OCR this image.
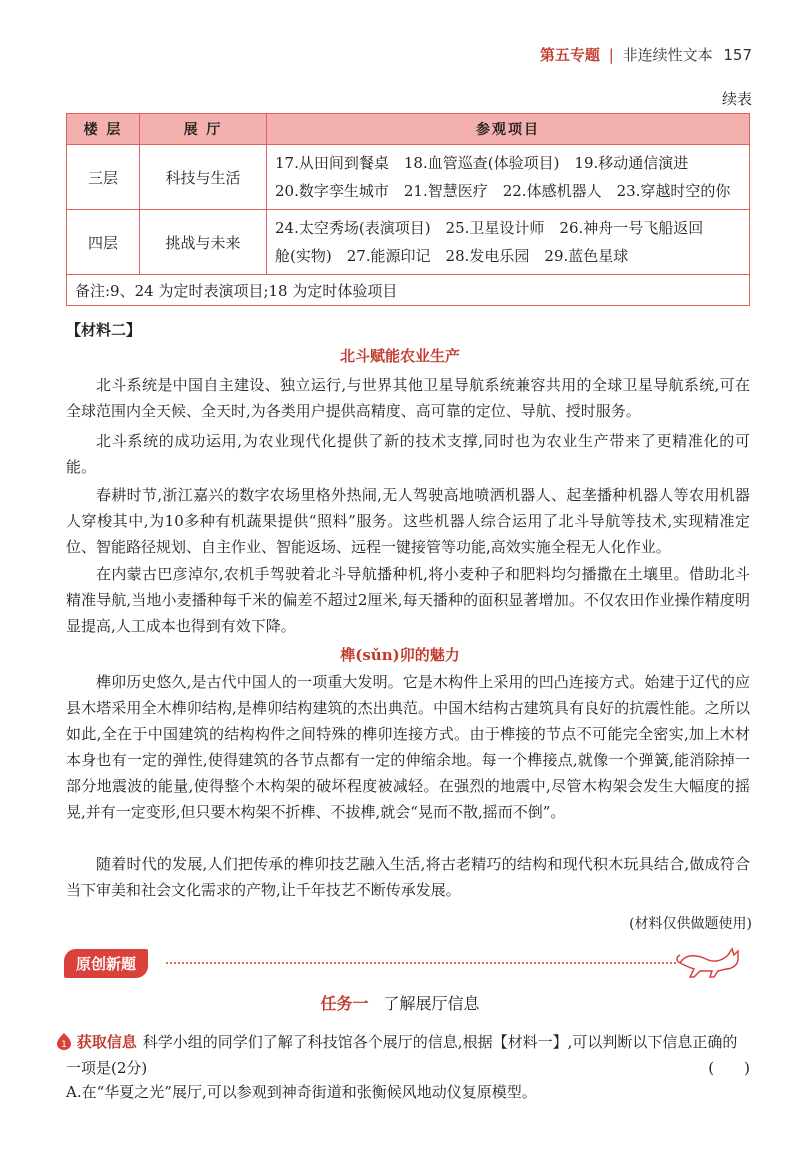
第五专题 | 非连续性文本 157
续表
楼 层	展 厅	参观项目
三层	科技与生活	17.从田间到餐桌　18.血管巡查(体验项目)　19.移动通信演进
20.数字孪生城市　21.智慧医疗　22.体感机器人　23.穿越时空的你

四层	挑战与未来	24.太空秀场(表演项目)　25.卫星设计师　26.神舟一号飞船返回
舱(实物)　27.能源印记　28.发电乐园　29.蓝色星球

备注:9、24 为定时表演项目;18 为定时体验项目		
【材料二】
北斗赋能农业生产

北斗系统是中国自主建设、独立运行,与世界其他卫星导航系统兼容共用的全球卫星导航系统,可在全球范围内全天候、全天时,为各类用户提供高精度、高可靠的定位、导航、授时服务。

北斗系统的成功运用,为农业现代化提供了新的技术支撑,同时也为农业生产带来了更精准化的可能。

春耕时节,浙江嘉兴的数字农场里格外热闹,无人驾驶高地喷洒机器人、起垄播种机器人等农用机器人穿梭其中,为10多种有机蔬果提供“照料”服务。这些机器人综合运用了北斗导航等技术,实现精准定位、智能路径规划、自主作业、智能返场、远程一键接管等功能,高效实施全程无人化作业。

在内蒙古巴彦淖尔,农机手驾驶着北斗导航播种机,将小麦种子和肥料均匀播撒在土壤里。借助北斗精准导航,当地小麦播种每千米的偏差不超过2厘米,每天播种的面积显著增加。不仅农田作业操作精度明显提高,人工成本也得到有效下降。

榫(sǔn)卯的魅力

榫卯历史悠久,是古代中国人的一项重大发明。它是木构件上采用的凹凸连接方式。始建于辽代的应县木塔采用全木榫卯结构,是榫卯结构建筑的杰出典范。中国木结构古建筑具有良好的抗震性能。之所以如此,全在于中国建筑的结构构件之间特殊的榫卯连接方式。由于榫接的节点不可能完全密实,加上木材本身也有一定的弹性,使得建筑的各节点都有一定的伸缩余地。每一个榫接点,就像一个弹簧,能消除掉一部分地震波的能量,使得整个木构架的破坏程度被减轻。在强烈的地震中,尽管木构架会发生大幅度的摇晃,并有一定变形,但只要木构架不折榫、不拔榫,就会“晃而不散,摇而不倒”。

随着时代的发展,人们把传承的榫卯技艺融入生活,将古老精巧的结构和现代积木玩具结合,做成符合当下审美和社会文化需求的产物,让千年技艺不断传承发展。

(材料仅供做题使用)
原创新题
任务一 了解展厅信息
1 获取信息 科学小组的同学们了解了科技馆各个展厅的信息,根据【材料一】,可以判断以下信息正确的一项是(2分)	(　　)
A.在“华夏之光”展厅,可以参观到神奇街道和张衡候风地动仪复原模型。
